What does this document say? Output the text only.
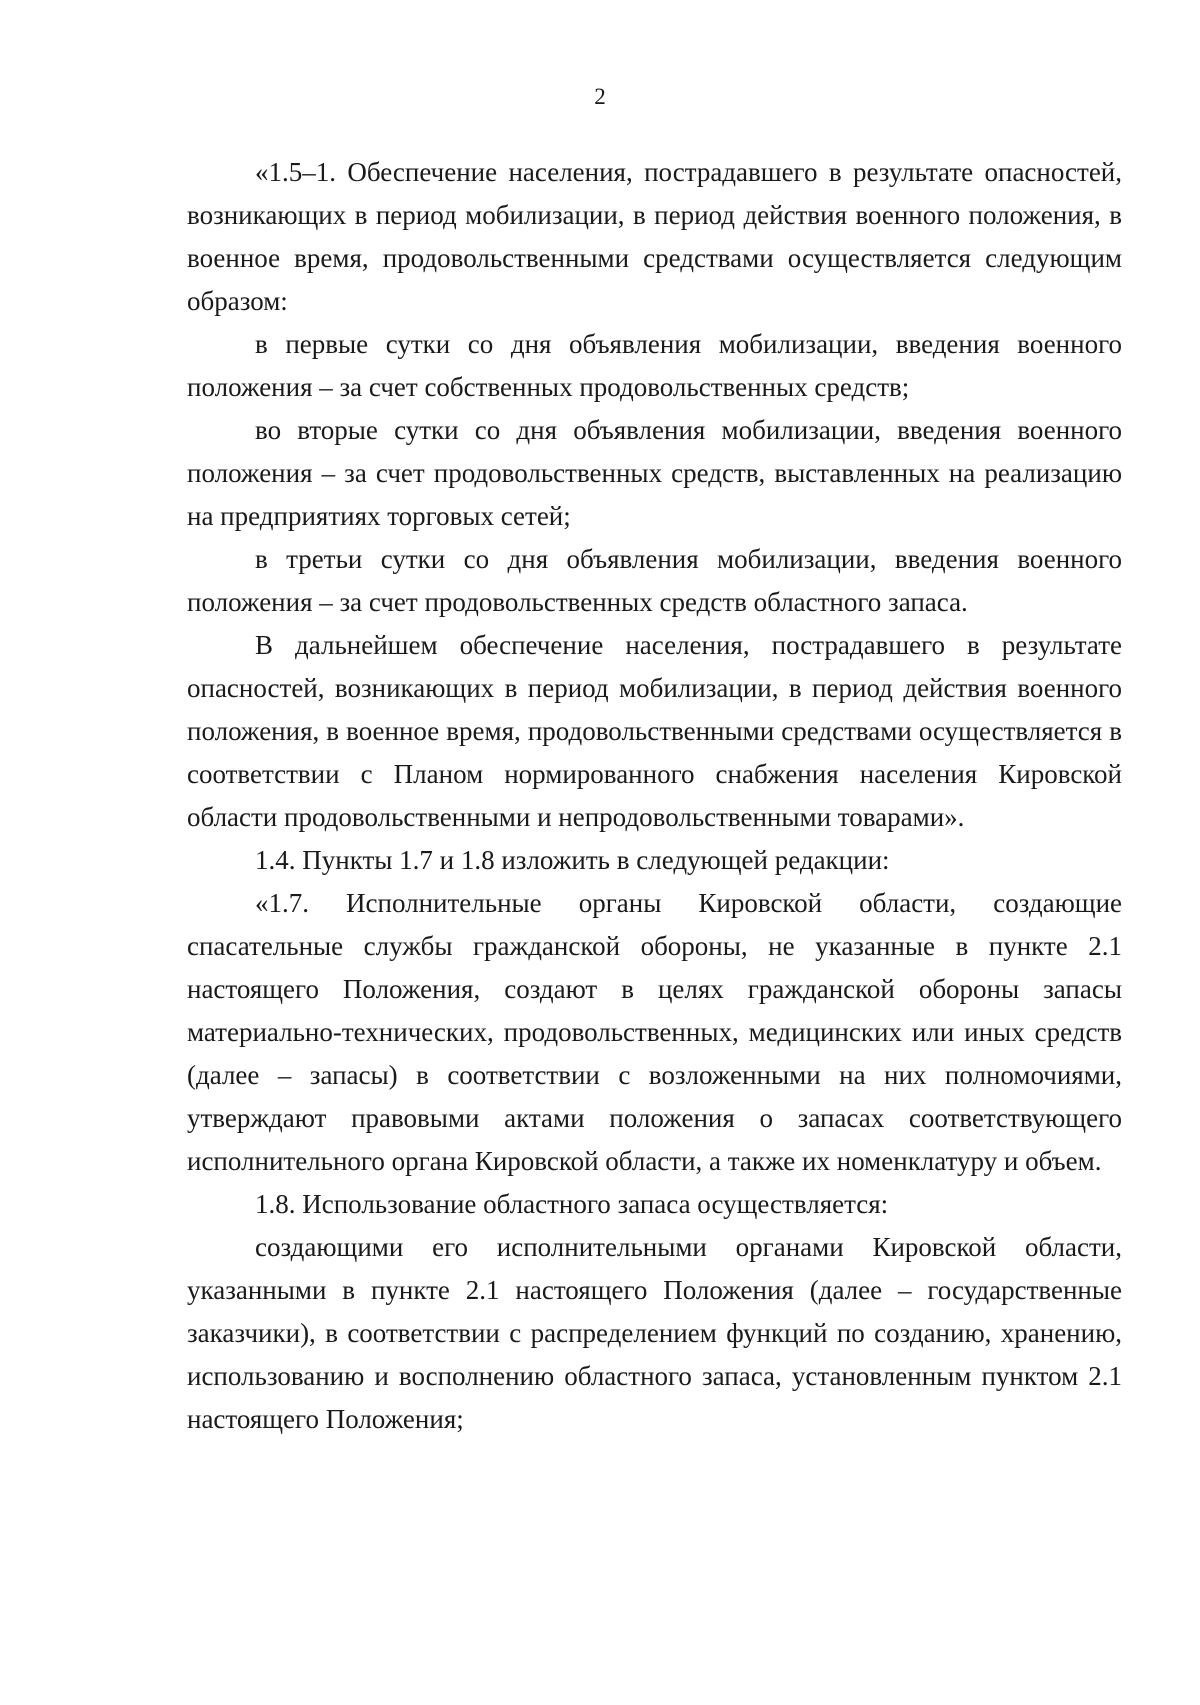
2

«1.5–1. Обеспечение населения, пострадавшего в результате опасностей, возникающих в период мобилизации, в период действия военного положения, в военное время, продовольственными средствами осуществляется следующим образом:

в первые сутки со дня объявления мобилизации, введения военного положения – за счет собственных продовольственных средств;

во вторые сутки со дня объявления мобилизации, введения военного положения – за счет продовольственных средств, выставленных на реализацию на предприятиях торговых сетей;

в третьи сутки со дня объявления мобилизации, введения военного положения – за счет продовольственных средств областного запаса.

В дальнейшем обеспечение населения, пострадавшего в результате опасностей, возникающих в период мобилизации, в период действия военного положения, в военное время, продовольственными средствами осуществляется в соответствии с Планом нормированного снабжения населения Кировской области продовольственными и непродовольственными товарами».

1.4. Пункты 1.7 и 1.8 изложить в следующей редакции:

«1.7. Исполнительные органы Кировской области, создающие спасательные службы гражданской обороны, не указанные в пункте 2.1 настоящего Положения, создают в целях гражданской обороны запасы материально-технических, продовольственных, медицинских или иных средств (далее – запасы) в соответствии с возложенными на них полномочиями, утверждают правовыми актами положения о запасах соответствующего исполнительного органа Кировской области, а также их номенклатуру и объем.

1.8. Использование областного запаса осуществляется:

создающими его исполнительными органами Кировской области, указанными в пункте 2.1 настоящего Положения (далее – государственные заказчики), в соответствии с распределением функций по созданию, хранению, использованию и восполнению областного запаса, установленным пунктом 2.1 настоящего Положения;
